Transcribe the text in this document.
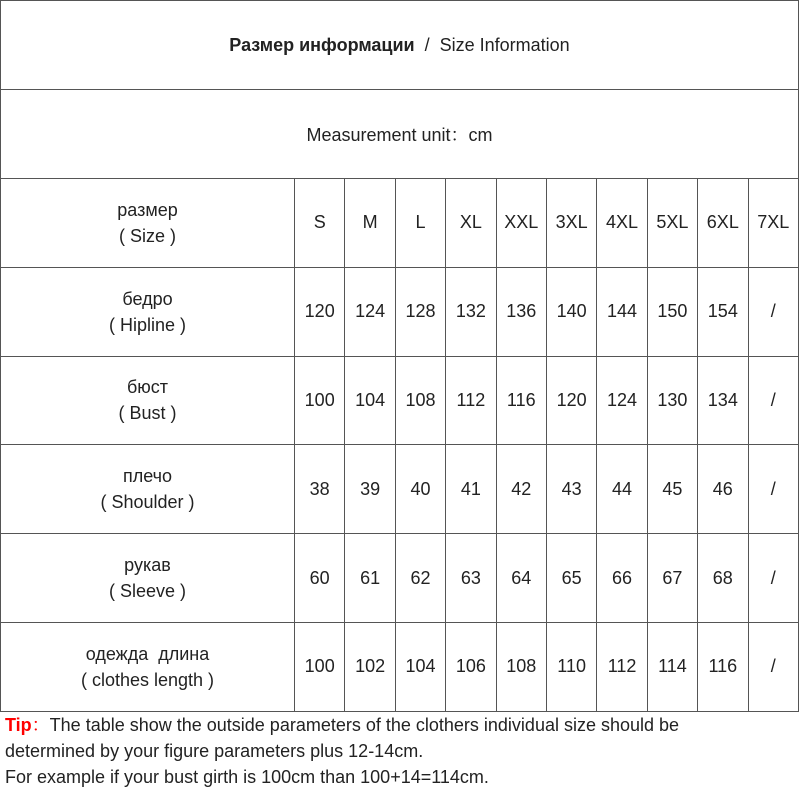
Размер информации / Size Information
Measurement unit：cm
размер
( Size )	S	M	L	XL	XXL	3XL	4XL	5XL	6XL	7XL

бедро
( Hipline )	120	124	128	132	136	140	144	150	154	/

бюст
( Bust )	100	104	108	112	116	120	124	130	134	/

плечо
( Shoulder )	38	39	40	41	42	43	44	45	46	/

рукав
( Sleeve )	60	61	62	63	64	65	66	67	68	/

одежда  длина
( clothes length )	100	102	104	106	108	110	112	114	116	/
Tip：The table show the outside parameters of the clothers individual size should be
determined by your figure parameters plus 12-14cm.
For example if your bust girth is 100cm than 100+14=114cm.
